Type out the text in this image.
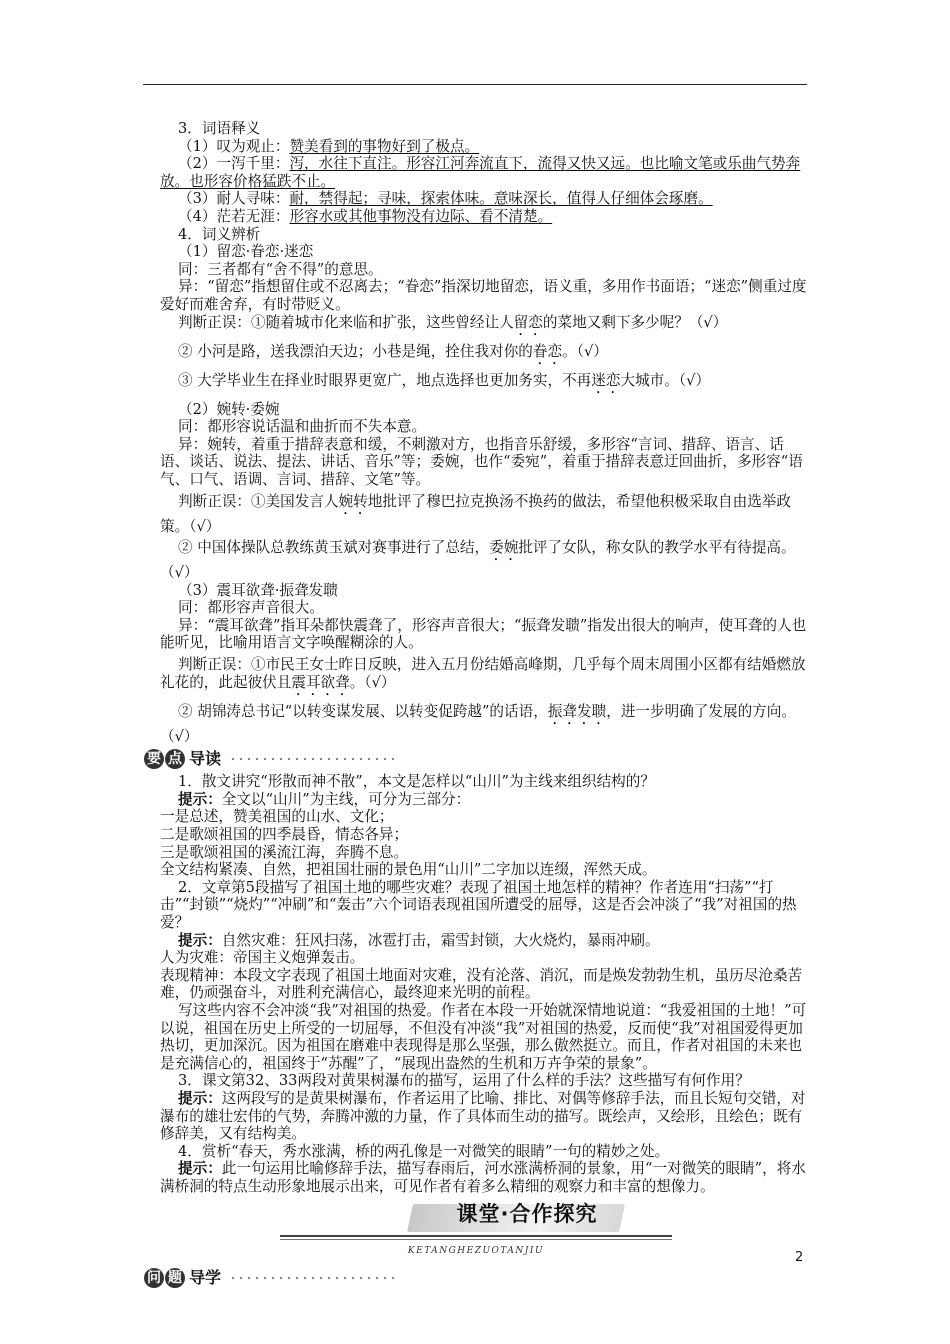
3．词语释义

（1）叹为观止：赞美看到的事物好到了极点。

（2）一泻千里：泻，水往下直注。形容江河奔流直下，流得又快又远。也比喻文笔或乐曲气势奔放。也形容价格猛跌不止。

（3）耐人寻味：耐，禁得起；寻味，探索体味。意味深长，值得人仔细体会琢磨。

（4）茫若无涯：形容水或其他事物没有边际、看不清楚。

4．词义辨析

（1）留恋·眷恋·迷恋

同：三者都有“舍不得”的意思。

异：“留恋”指想留住或不忍离去；“眷恋”指深切地留恋，语义重，多用作书面语；“迷恋”侧重过度爱好而难舍弃，有时带贬义。

判断正误：①随着城市化来临和扩张，这些曾经让人留恋的菜地又剩下多少呢？（√）

② 小河是路，送我漂泊天边；小巷是绳，拴住我对你的眷恋。（√）

③ 大学毕业生在择业时眼界更宽广，地点选择也更加务实，不再迷恋大城市。（√）

（2）婉转·委婉

同：都形容说话温和曲折而不失本意。

异：婉转，着重于措辞表意和缓，不刺激对方，也指音乐舒缓，多形容“言词、措辞、语言、话语、谈话、说法、提法、讲话、音乐”等；委婉，也作“委宛”，着重于措辞表意迂回曲折，多形容“语气、口气、语调、言词、措辞、文笔”等。

判断正误：①美国发言人婉转地批评了穆巴拉克换汤不换药的做法，希望他积极采取自由选举政策。（√）

② 中国体操队总教练黄玉斌对赛事进行了总结，委婉批评了女队，称女队的教学水平有待提高。（√）

（3）震耳欲聋·振聋发聩

同：都形容声音很大。

异：“震耳欲聋”指耳朵都快震聋了，形容声音很大；“振聋发聩”指发出很大的响声，使耳聋的人也能听见，比喻用语言文字唤醒糊涂的人。

判断正误：①市民王女士昨日反映，进入五月份结婚高峰期，几乎每个周末周围小区都有结婚燃放礼花的，此起彼伏且震耳欲聋。（√）

② 胡锦涛总书记“以转变谋发展、以转变促跨越”的话语，振聋发聩，进一步明确了发展的方向。（√）

要 点 导读

1．散文讲究“形散而神不散”，本文是怎样以“山川”为主线来组织结构的？

提示：全文以“山川”为主线，可分为三部分：

一是总述，赞美祖国的山水、文化；

二是歌颂祖国的四季晨昏，情态各异；

三是歌颂祖国的溪流江海，奔腾不息。

全文结构紧凑、自然，把祖国壮丽的景色用“山川”二字加以连缀，浑然天成。

2．文章第5段描写了祖国土地的哪些灾难？表现了祖国土地怎样的精神？作者连用“扫荡”“打击”“封锁”“烧灼”“冲刷”和“轰击”六个词语表现祖国所遭受的屈辱，这是否会冲淡了“我”对祖国的热爱？

提示：自然灾难：狂风扫荡，冰雹打击，霜雪封锁，大火烧灼，暴雨冲刷。

人为灾难：帝国主义炮弹轰击。

表现精神：本段文字表现了祖国土地面对灾难，没有沦落、消沉，而是焕发勃勃生机，虽历尽沧桑苦难，仍顽强奋斗，对胜利充满信心，最终迎来光明的前程。

写这些内容不会冲淡“我”对祖国的热爱。作者在本段一开始就深情地说道：“我爱祖国的土地！”可以说，祖国在历史上所受的一切屈辱，不但没有冲淡“我”对祖国的热爱，反而使“我”对祖国爱得更加热切，更加深沉。因为祖国在磨难中表现得是那么坚强，那么傲然挺立。而且，作者对祖国的未来也是充满信心的，祖国终于“苏醒”了，“展现出盎然的生机和万卉争荣的景象”。

3．课文第32、33两段对黄果树瀑布的描写，运用了什么样的手法？这些描写有何作用？

提示：这两段写的是黄果树瀑布，作者运用了比喻、排比、对偶等修辞手法，而且长短句交错，对瀑布的雄壮宏伟的气势，奔腾冲激的力量，作了具体而生动的描写。既绘声，又绘形，且绘色；既有修辞美，又有结构美。

4．赏析“春天，秀水涨满，桥的两孔像是一对微笑的眼睛”一句的精妙之处。

提示：此一句运用比喻修辞手法，描写春雨后，河水涨满桥洞的景象，用“一对微笑的眼睛”，将水满桥洞的特点生动形象地展示出来，可见作者有着多么精细的观察力和丰富的想像力。

课堂·合作探究
KETANGHEZUOTANJIU
问 题 导学
2
